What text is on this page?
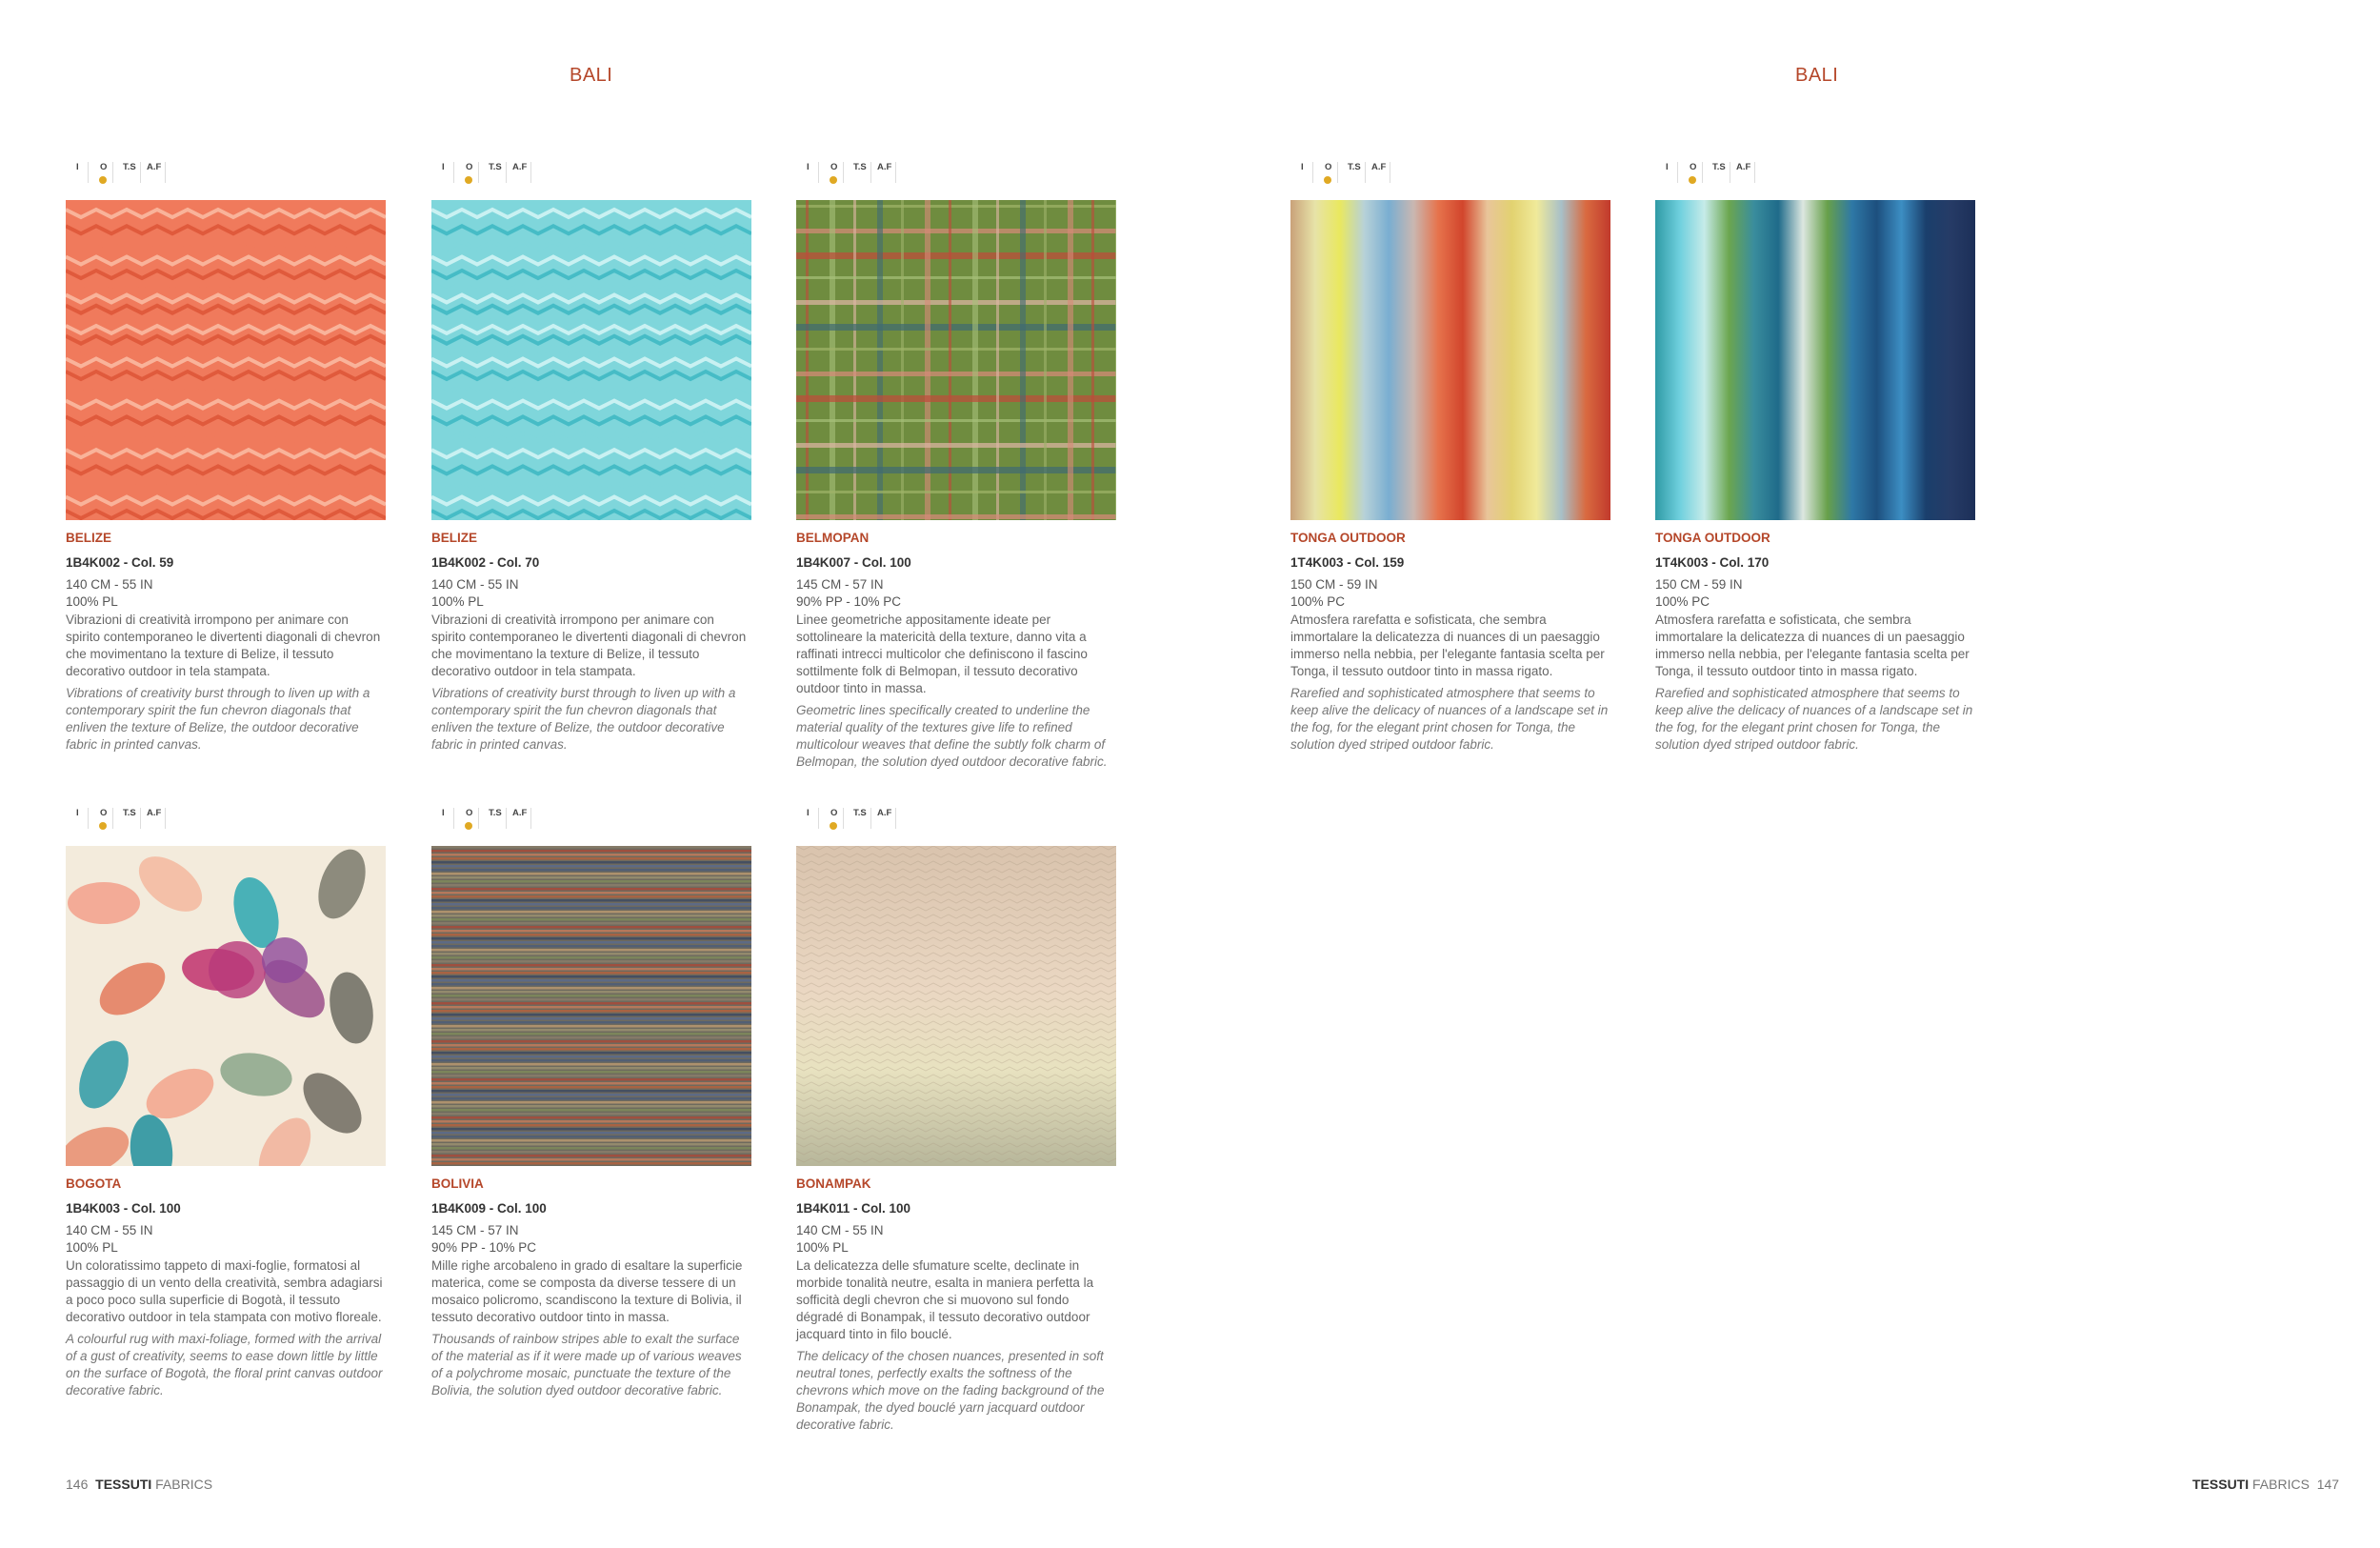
BALI	BALI
I O T.S A.F
BELIZE
1B4K002 - Col. 59
140 CM - 55 IN
100% PL
Vibrazioni di creatività irrompono per animare con spirito contemporaneo le divertenti diagonali di chevron che movimentano la texture di Belize, il tessuto decorativo outdoor in tela stampata.
Vibrations of creativity burst through to liven up with a contemporary spirit the fun chevron diagonals that enliven the texture of Belize, the outdoor decorative fabric in printed canvas.
I O T.S A.F
BELIZE
1B4K002 - Col. 70
140 CM - 55 IN
100% PL
Vibrazioni di creatività irrompono per animare con spirito contemporaneo le divertenti diagonali di chevron che movimentano la texture di Belize, il tessuto decorativo outdoor in tela stampata.
Vibrations of creativity burst through to liven up with a contemporary spirit the fun chevron diagonals that enliven the texture of Belize, the outdoor decorative fabric in printed canvas.
I O T.S A.F
BELMOPAN
1B4K007 - Col. 100
145 CM - 57 IN
90% PP - 10% PC
Linee geometriche appositamente ideate per sottolineare la matericità della texture, danno vita a raffinati intrecci multicolor che definiscono il fascino sottilmente folk di Belmopan, il tessuto decorativo outdoor tinto in massa.
Geometric lines specifically created to underline the material quality of the textures give life to refined multicolour weaves that define the subtly folk charm of Belmopan, the solution dyed outdoor decorative fabric.
I O T.S A.F
TONGA OUTDOOR
1T4K003 - Col. 159
150 CM - 59 IN
100% PC
Atmosfera rarefatta e sofisticata, che sembra immortalare la delicatezza di nuances di un paesaggio immerso nella nebbia, per l'elegante fantasia scelta per Tonga, il tessuto outdoor tinto in massa rigato.
Rarefied and sophisticated atmosphere that seems to keep alive the delicacy of nuances of a landscape set in the fog, for the elegant print chosen for Tonga, the solution dyed striped outdoor fabric.
I O T.S A.F
TONGA OUTDOOR
1T4K003 - Col. 170
150 CM - 59 IN
100% PC
Atmosfera rarefatta e sofisticata, che sembra immortalare la delicatezza di nuances di un paesaggio immerso nella nebbia, per l'elegante fantasia scelta per Tonga, il tessuto outdoor tinto in massa rigato.
Rarefied and sophisticated atmosphere that seems to keep alive the delicacy of nuances of a landscape set in the fog, for the elegant print chosen for Tonga, the solution dyed striped outdoor fabric.
I O T.S A.F
BOGOTA
1B4K003 - Col. 100
140 CM - 55 IN
100% PL
Un coloratissimo tappeto di maxi-foglie, formatosi al passaggio di un vento della creatività, sembra adagiarsi a poco poco sulla superficie di Bogotà, il tessuto decorativo outdoor in tela stampata con motivo floreale.
A colourful rug with maxi-foliage, formed with the arrival of a gust of creativity, seems to ease down little by little on the surface of Bogotà, the floral print canvas outdoor decorative fabric.
I O T.S A.F
BOLIVIA
1B4K009 - Col. 100
145 CM - 57 IN
90% PP - 10% PC
Mille righe arcobaleno in grado di esaltare la superficie materica, come se composta da diverse tessere di un mosaico policromo, scandiscono la texture di Bolivia, il tessuto decorativo outdoor tinto in massa.
Thousands of rainbow stripes able to exalt the surface of the material as if it were made up of various weaves of a polychrome mosaic, punctuate the texture of the Bolivia, the solution dyed outdoor decorative fabric.
I O T.S A.F
BONAMPAK
1B4K011 - Col. 100
140 CM - 55 IN
100% PL
La delicatezza delle sfumature scelte, declinate in morbide tonalità neutre, esalta in maniera perfetta la sofficità degli chevron che si muovono sul fondo dégradé di Bonampak, il tessuto decorativo outdoor jacquard tinto in filo bouclé.
The delicacy of the chosen nuances, presented in soft neutral tones, perfectly exalts the softness of the chevrons which move on the fading background of the Bonampak, the dyed bouclé yarn jacquard outdoor decorative fabric.
146 TESSUTI FABRICS	TESSUTI FABRICS 147
